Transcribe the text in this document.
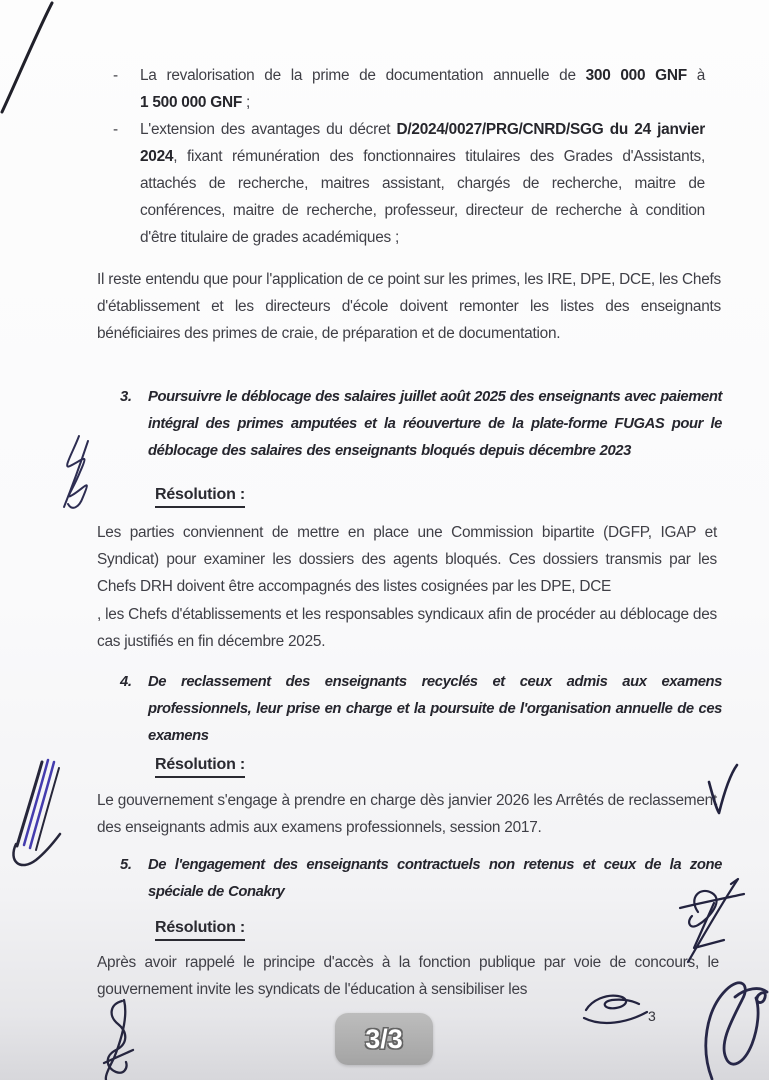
-	La revalorisation de la prime de documentation annuelle de 300 000 GNF à 1 500 000 GNF ;

-	L'extension des avantages du décret D/2024/0027/PRG/CNRD/SGG du 24 janvier 2024, fixant rémunération des fonctionnaires titulaires des Grades d'Assistants, attachés de recherche, maitres assistant, chargés de recherche, maitre de conférences, maitre de recherche, professeur, directeur de recherche à condition d'être titulaire de grades académiques ;

Il reste entendu que pour l'application de ce point sur les primes, les IRE, DPE, DCE, les Chefs d'établissement et les directeurs d'école doivent remonter les listes des enseignants bénéficiaires des primes de craie, de préparation et de documentation.

3.	Poursuivre le déblocage des salaires juillet août 2025 des enseignants avec paiement intégral des primes amputées et la réouverture de la plate-forme FUGAS pour le déblocage des salaires des enseignants bloqués depuis décembre 2023

Résolution :

Les parties conviennent de mettre en place une Commission bipartite (DGFP, IGAP et Syndicat) pour examiner les dossiers des agents bloqués. Ces dossiers transmis par les Chefs DRH doivent être accompagnés des listes cosignées par les DPE, DCE

, les Chefs d'établissements et les responsables syndicaux afin de procéder au déblocage des cas justifiés en fin décembre 2025.

4.	De reclassement des enseignants recyclés et ceux admis aux examens professionnels, leur prise en charge et la poursuite de l'organisation annuelle de ces examens

Résolution :

Le gouvernement s'engage à prendre en charge dès janvier 2026 les Arrêtés de reclassement des enseignants admis aux examens professionnels, session 2017.

5.	De l'engagement des enseignants contractuels non retenus et ceux de la zone spéciale de Conakry

Résolution :

Après avoir rappelé le principe d'accès à la fonction publique par voie de concours, le gouvernement invite les syndicats de l'éducation à sensibiliser les

3/3
3
